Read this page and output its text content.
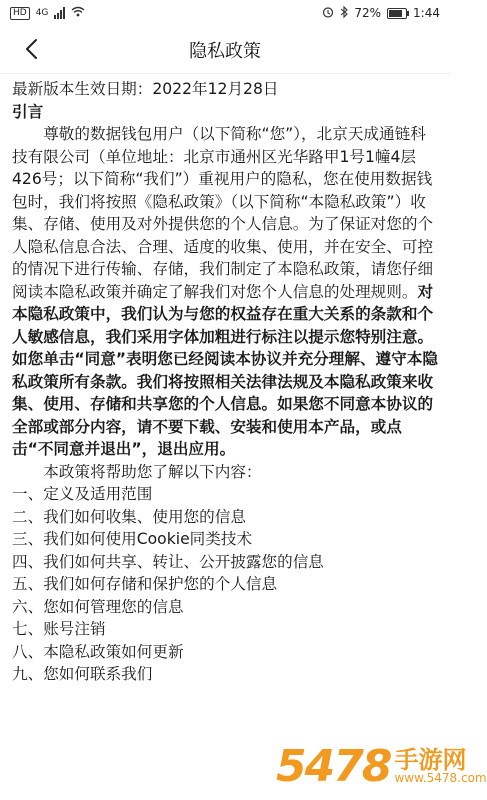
HD	4G	72%	1:44
隐私政策

最新版本生效日期：2022年12月28日

引言

尊敬的数据钱包用户（以下简称“您”），北京天成通链科技有限公司（单位地址：北京市通州区光华路甲1号1幢4层426号；以下简称“我们”）重视用户的隐私，您在使用数据钱包时，我们将按照《隐私政策》（以下简称“本隐私政策”）收集、存储、使用及对外提供您的个人信息。为了保证对您的个人隐私信息合法、合理、适度的收集、使用，并在安全、可控的情况下进行传输、存储，我们制定了本隐私政策，请您仔细阅读本隐私政策并确定了解我们对您个人信息的处理规则。对本隐私政策中，我们认为与您的权益存在重大关系的条款和个人敏感信息，我们采用字体加粗进行标注以提示您特别注意。如您单击“同意”表明您已经阅读本协议并充分理解、遵守本隐私政策所有条款。我们将按照相关法律法规及本隐私政策来收集、使用、存储和共享您的个人信息。如果您不同意本协议的全部或部分内容，请不要下载、安装和使用本产品，或点击“不同意并退出”，退出应用。

本政策将帮助您了解以下内容：

一、定义及适用范围
二、我们如何收集、使用您的信息
三、我们如何使用Cookie同类技术
四、我们如何共享、转让、公开披露您的信息
五、我们如何存储和保护您的个人信息
六、您如何管理您的信息
七、账号注销
八、本隐私政策如何更新
九、您如何联系我们
5478 手游网
www.5478.com
